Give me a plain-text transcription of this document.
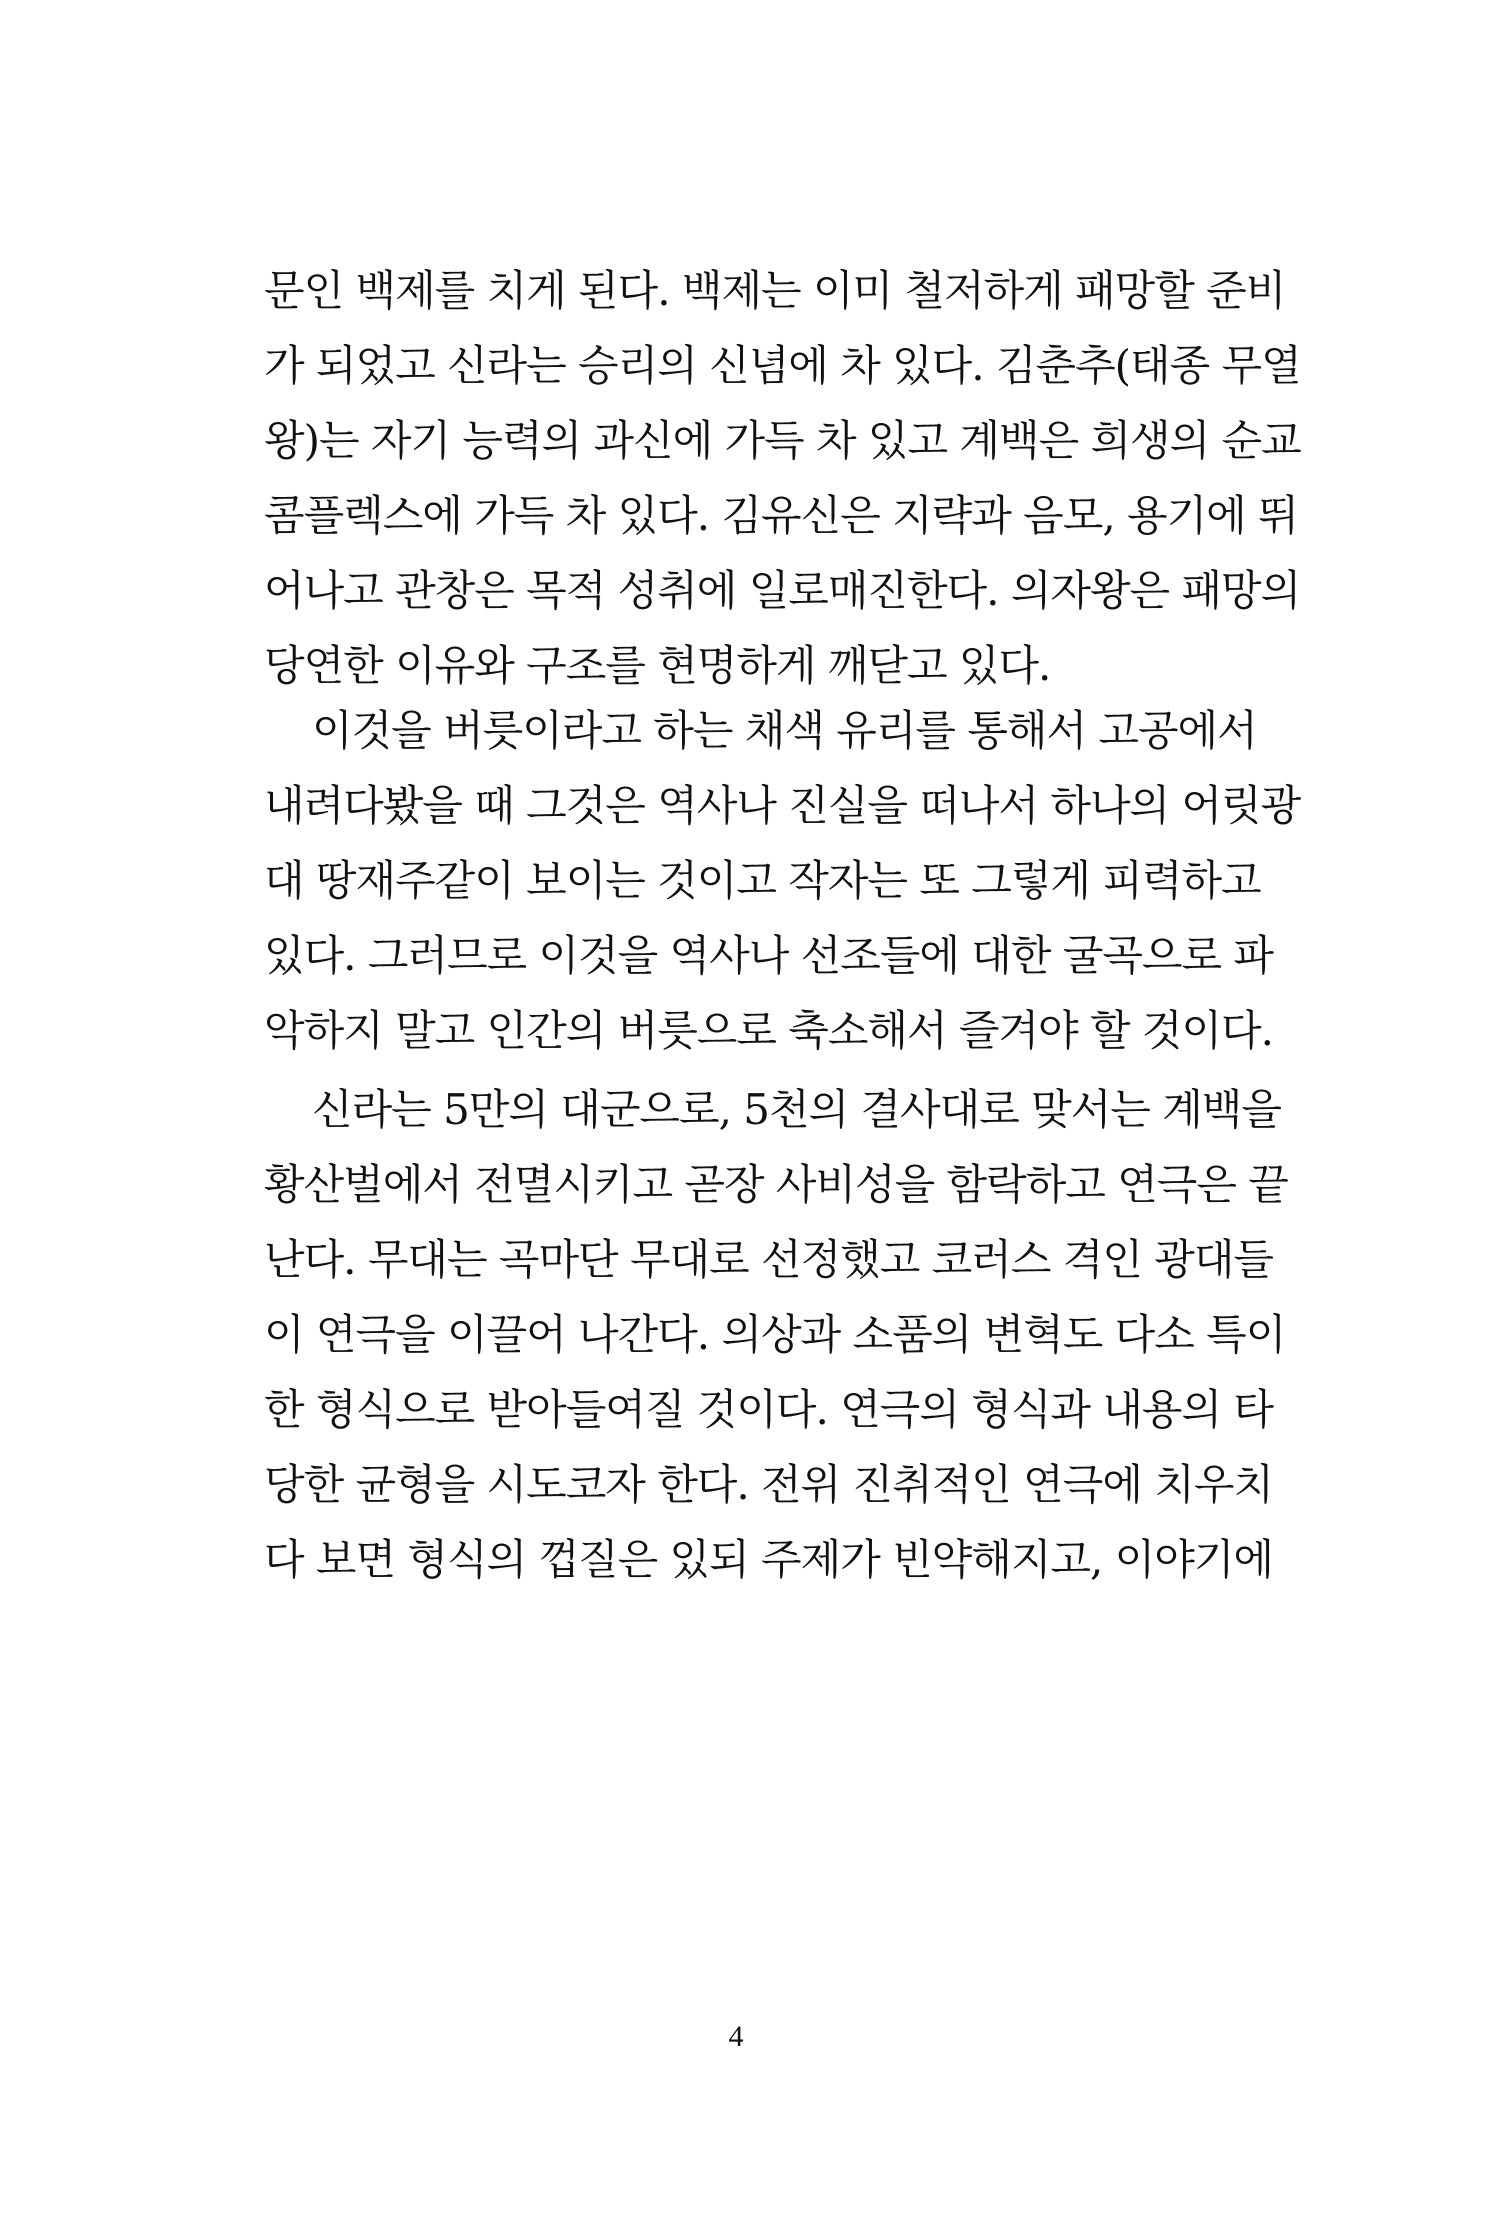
문인 백제를 치게 된다. 백제는 이미 철저하게 패망할 준비
가 되었고 신라는 승리의 신념에 차 있다. 김춘추(태종 무열
왕)는 자기 능력의 과신에 가득 차 있고 계백은 희생의 순교
콤플렉스에 가득 차 있다. 김유신은 지략과 음모, 용기에 뛰
어나고 관창은 목적 성취에 일로매진한다. 의자왕은 패망의
당연한 이유와 구조를 현명하게 깨닫고 있다.
이것을 버릇이라고 하는 채색 유리를 통해서 고공에서
내려다봤을 때 그것은 역사나 진실을 떠나서 하나의 어릿광
대 땅재주같이 보이는 것이고 작자는 또 그렇게 피력하고
있다. 그러므로 이것을 역사나 선조들에 대한 굴곡으로 파
악하지 말고 인간의 버릇으로 축소해서 즐겨야 할 것이다.
신라는 5만의 대군으로, 5천의 결사대로 맞서는 계백을
황산벌에서 전멸시키고 곧장 사비성을 함락하고 연극은 끝
난다. 무대는 곡마단 무대로 선정했고 코러스 격인 광대들
이 연극을 이끌어 나간다. 의상과 소품의 변혁도 다소 특이
한 형식으로 받아들여질 것이다. 연극의 형식과 내용의 타
당한 균형을 시도코자 한다. 전위 진취적인 연극에 치우치
다 보면 형식의 껍질은 있되 주제가 빈약해지고, 이야기에
4
